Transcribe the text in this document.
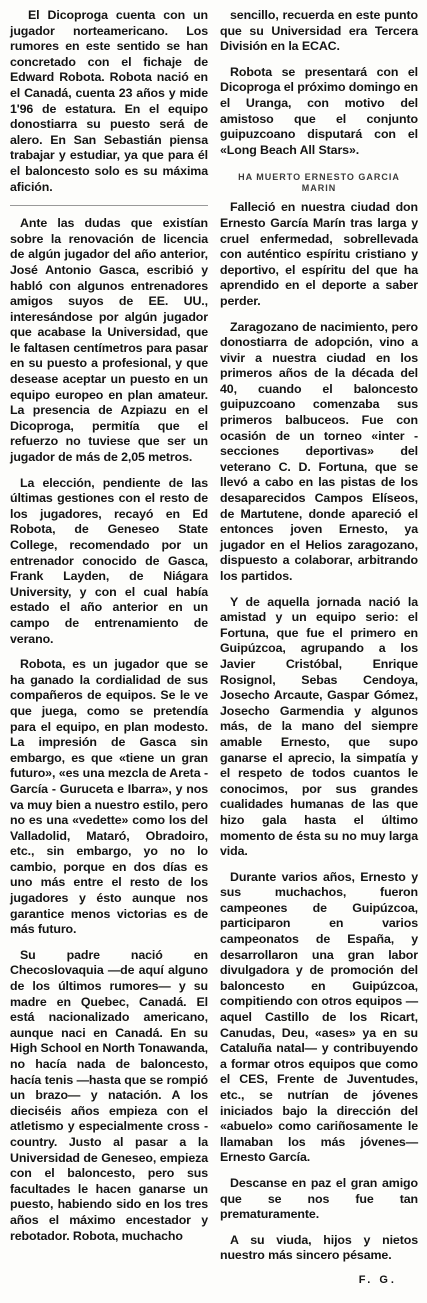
El Dicoproga cuenta con un jugador norteamericano. Los rumores en este sentido se han concretado con el fichaje de Edward Robota. Robota nació en el Canadá, cuenta 23 años y mide 1'96 de estatura. En el equipo donostiarra su puesto será de alero. En San Sebastián piensa trabajar y estudiar, ya que para él el baloncesto solo es su máxima afición.

Ante las dudas que existían sobre la renovación de licencia de algún jugador del año anterior, José Antonio Gasca, escribió y habló con algunos entrenadores amigos suyos de EE. UU., interesándose por algún jugador que acabase la Universidad, que le faltasen centímetros para pasar en su puesto a profesional, y que desease aceptar un puesto en un equipo europeo en plan amateur. La presencia de Azpiazu en el Dicoproga, permitía que el refuerzo no tuviese que ser un jugador de más de 2,05 metros.

La elección, pendiente de las últimas gestiones con el resto de los jugadores, recayó en Ed Robota, de Geneseo State College, recomendado por un entrenador conocido de Gasca, Frank Layden, de Niágara University, y con el cual había estado el año anterior en un campo de entrenamiento de verano.

Robota, es un jugador que se ha ganado la cordialidad de sus compañeros de equipos. Se le ve que juega, como se pretendía para el equipo, en plan modesto. La impresión de Gasca sin embargo, es que «tiene un gran futuro», «es una mezcla de Areta - García - Guruceta e Ibarra», y nos va muy bien a nuestro estilo, pero no es una «vedette» como los del Valladolid, Mataró, Obradoiro, etc., sin embargo, yo no lo cambio, porque en dos días es uno más entre el resto de los jugadores y ésto aunque nos garantice menos victorias es de más futuro.

Su padre nació en Checoslovaquia —de aquí alguno de los últimos rumores— y su madre en Quebec, Canadá. El está nacionalizado americano, aunque naci en Canadá. En su High School en North Tonawanda, no hacía nada de baloncesto, hacía tenis —hasta que se rompió un brazo— y natación. A los dieciséis años empieza con el atletismo y especialmente cross - country. Justo al pasar a la Universidad de Geneseo, empieza con el baloncesto, pero sus facultades le hacen ganarse un puesto, habiendo sido en los tres años el máximo encestador y rebotador. Robota, muchacho

sencillo, recuerda en este punto que su Universidad era Tercera División en la ECAC.

Robota se presentará con el Dicoproga el próximo domingo en el Uranga, con motivo del amistoso que el conjunto guipuzcoano disputará con el «Long Beach All Stars».

HA MUERTO ERNESTO GARCIA MARIN

Falleció en nuestra ciudad don Ernesto García Marín tras larga y cruel enfermedad, sobrellevada con auténtico espíritu cristiano y deportivo, el espíritu del que ha aprendido en el deporte a saber perder.

Zaragozano de nacimiento, pero donostiarra de adopción, vino a vivir a nuestra ciudad en los primeros años de la década del 40, cuando el baloncesto guipuzcoano comenzaba sus primeros balbuceos. Fue con ocasión de un torneo «inter - secciones deportivas» del veterano C. D. Fortuna, que se llevó a cabo en las pistas de los desaparecidos Campos Elíseos, de Martutene, donde apareció el entonces joven Ernesto, ya jugador en el Helios zaragozano, dispuesto a colaborar, arbitrando los partidos.

Y de aquella jornada nació la amistad y un equipo serio: el Fortuna, que fue el primero en Guipúzcoa, agrupando a los Javier Cristóbal, Enrique Rosignol, Sebas Cendoya, Josecho Arcaute, Gaspar Gómez, Josecho Garmendia y algunos más, de la mano del siempre amable Ernesto, que supo ganarse el aprecio, la simpatía y el respeto de todos cuantos le conocimos, por sus grandes cualidades humanas de las que hizo gala hasta el último momento de ésta su no muy larga vida.

Durante varios años, Ernesto y sus muchachos, fueron campeones de Guipúzcoa, participaron en varios campeonatos de España, y desarrollaron una gran labor divulgadora y de promoción del baloncesto en Guipúzcoa, compitiendo con otros equipos —aquel Castillo de los Ricart, Canudas, Deu, «ases» ya en su Cataluña natal— y contribuyendo a formar otros equipos que como el CES, Frente de Juventudes, etc., se nutrían de jóvenes iniciados bajo la dirección del «abuelo» como cariñosamente le llamaban los más jóvenes— Ernesto García.

Descanse en paz el gran amigo que se nos fue tan prematuramente.

A su viuda, hijos y nietos nuestro más sincero pésame.

F. G.
